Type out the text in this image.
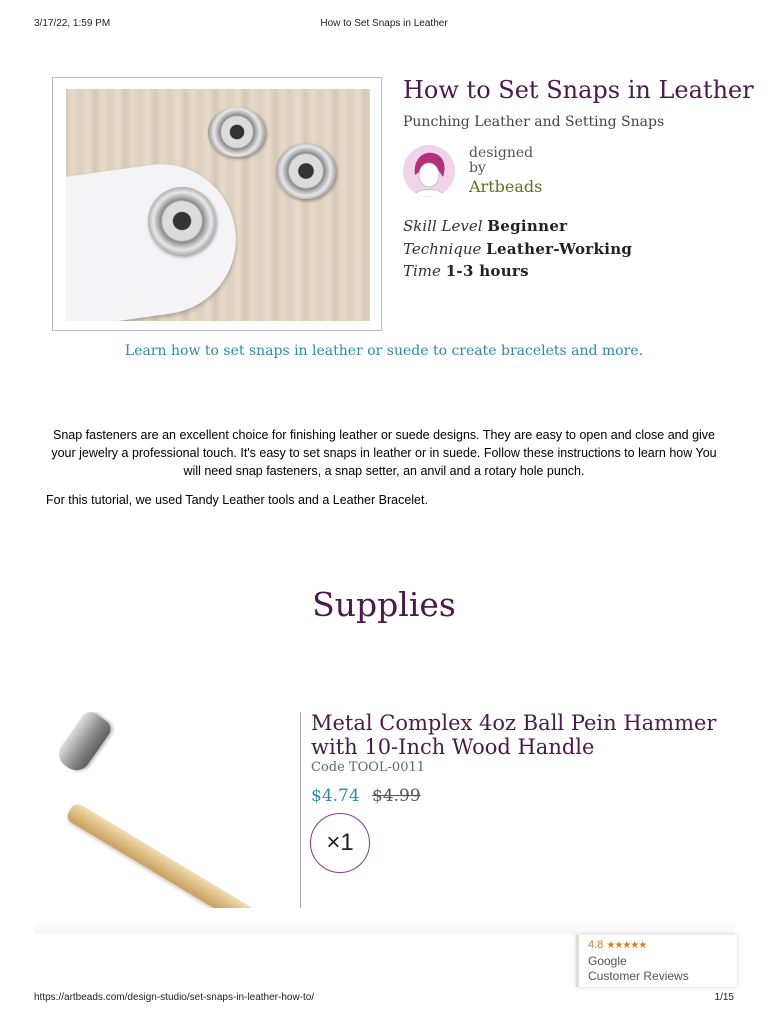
3/17/22, 1:59 PM	How to Set Snaps in Leather
How to Set Snaps in Leather
Punching Leather and Setting Snaps
designed by
Artbeads
Skill Level Beginner
Technique Leather-Working
Time 1-3 hours
Learn how to set snaps in leather or suede to create bracelets and more.
Snap fasteners are an excellent choice for finishing leather or suede designs. They are easy to open and close and give your jewelry a professional touch. It's easy to set snaps in leather or in suede. Follow these instructions to learn how You will need snap fasteners, a snap setter, an anvil and a rotary hole punch.
For this tutorial, we used Tandy Leather tools and a Leather Bracelet.
Supplies
Metal Complex 4oz Ball Pein Hammer with 10-Inch Wood Handle
Code TOOL-0011
$4.74 $4.99
×1
4.8 ★★★★★
Google
Customer Reviews
https://artbeads.com/design-studio/set-snaps-in-leather-how-to/	1/15
